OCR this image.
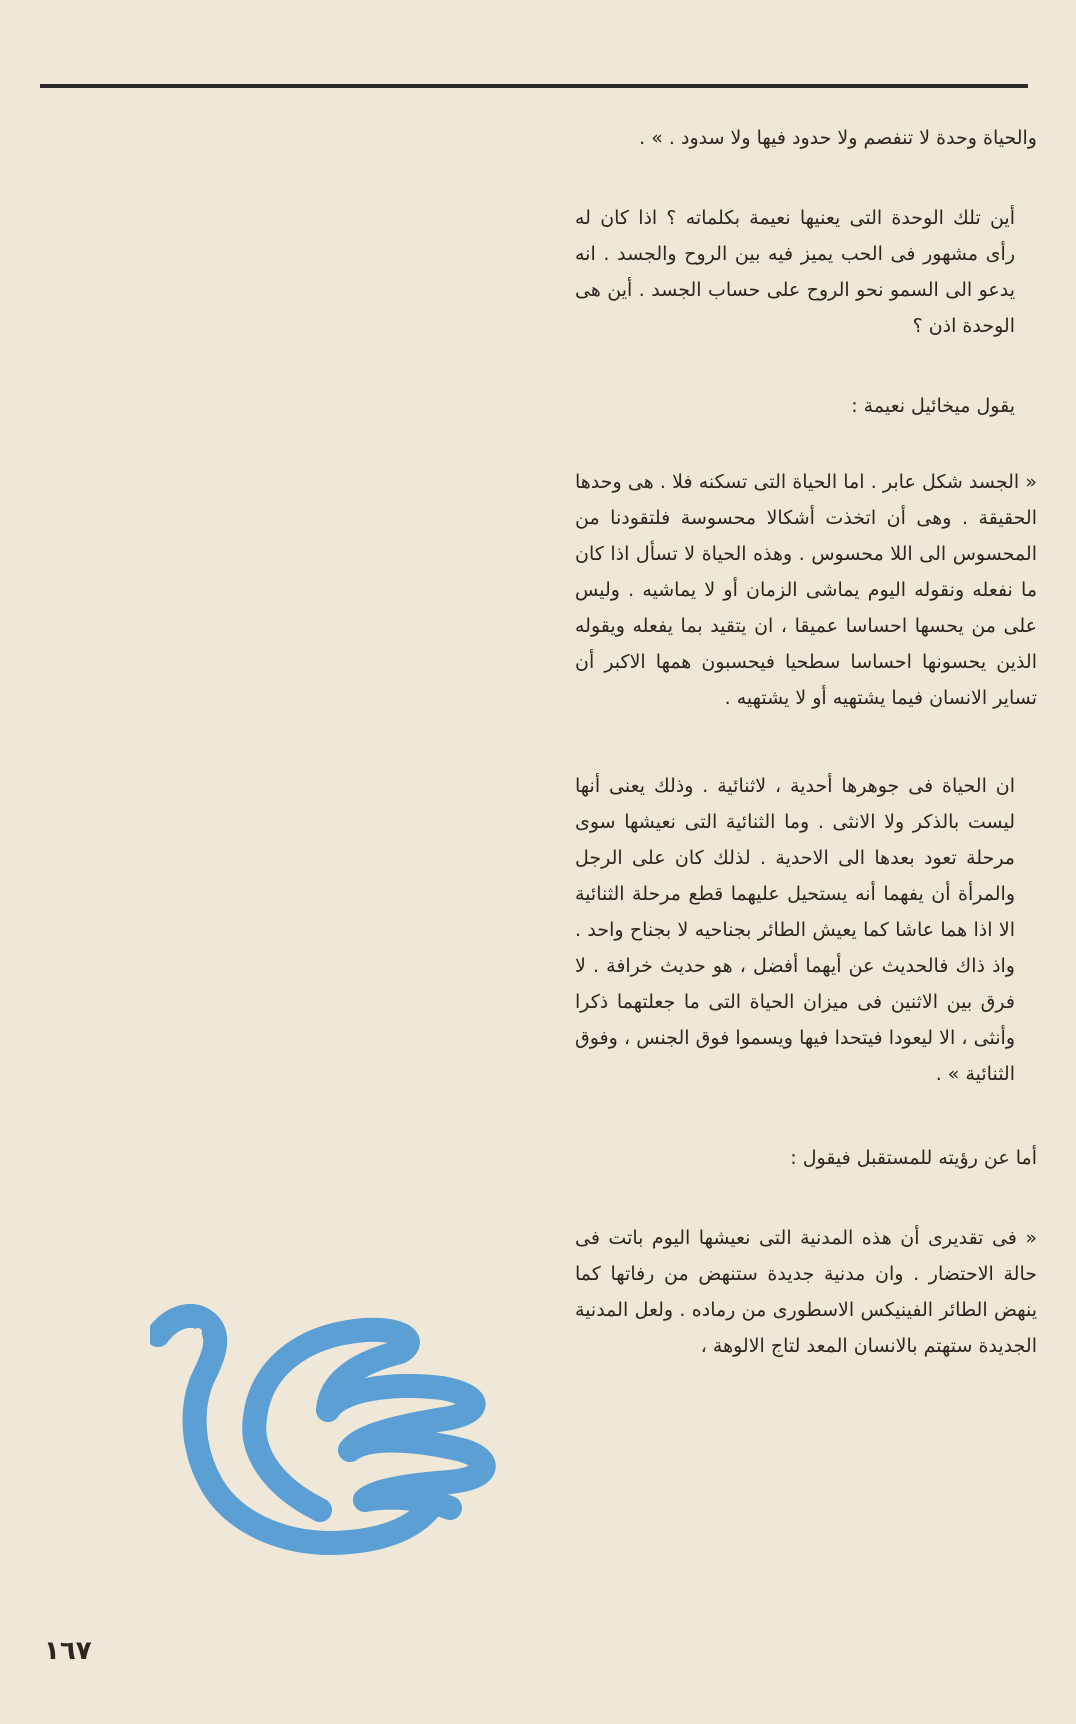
والحياة وحدة لا تنفصم ولا حدود فيها ولا سدود . » .

أين تلك الوحدة التى يعنيها نعيمة بكلماته ؟ اذا كان له رأى مشهور فى الحب يميز فيه بين الروح والجسد . انه يدعو الى السمو نحو الروح على حساب الجسد . أين هى الوحدة اذن ؟

يقول ميخائيل نعيمة :

« الجسد شكل عابر . اما الحياة التى تسكنه فلا . هى وحدها الحقيقة . وهى أن اتخذت أشكالا محسوسة فلتقودنا من المحسوس الى اللا محسوس . وهذه الحياة لا تسأل اذا كان ما نفعله ونقوله اليوم يماشى الزمان أو لا يماشيه . وليس على من يحسها احساسا عميقا ، ان يتقيد بما يفعله ويقوله الذين يحسونها احساسا سطحيا فيحسبون همها الاكبر أن تساير الانسان فيما يشتهيه أو لا يشتهيه .

ان الحياة فى جوهرها أحدية ، لاثنائية . وذلك يعنى أنها ليست بالذكر ولا الانثى . وما الثنائية التى نعيشها سوى مرحلة تعود بعدها الى الاحدية . لذلك كان على الرجل والمرأة أن يفهما أنه يستحيل عليهما قطع مرحلة الثنائية الا اذا هما عاشا كما يعيش الطائر بجناحيه لا بجناح واحد . واذ ذاك فالحديث عن أيهما أفضل ، هو حديث خرافة . لا فرق بين الاثنين فى ميزان الحياة التى ما جعلتهما ذكرا وأنثى ، الا ليعودا فيتحدا فيها ويسموا فوق الجنس ، وفوق الثنائية » .

أما عن رؤيته للمستقبل فيقول :

« فى تقديرى أن هذه المدنية التى نعيشها اليوم باتت فى حالة الاحتضار . وان مدنية جديدة ستنهض من رفاتها كما ينهض الطائر الفينيكس الاسطورى من رماده . ولعل المدنية الجديدة ستهتم بالانسان المعد لتاج الالوهة ،

١٦٧
